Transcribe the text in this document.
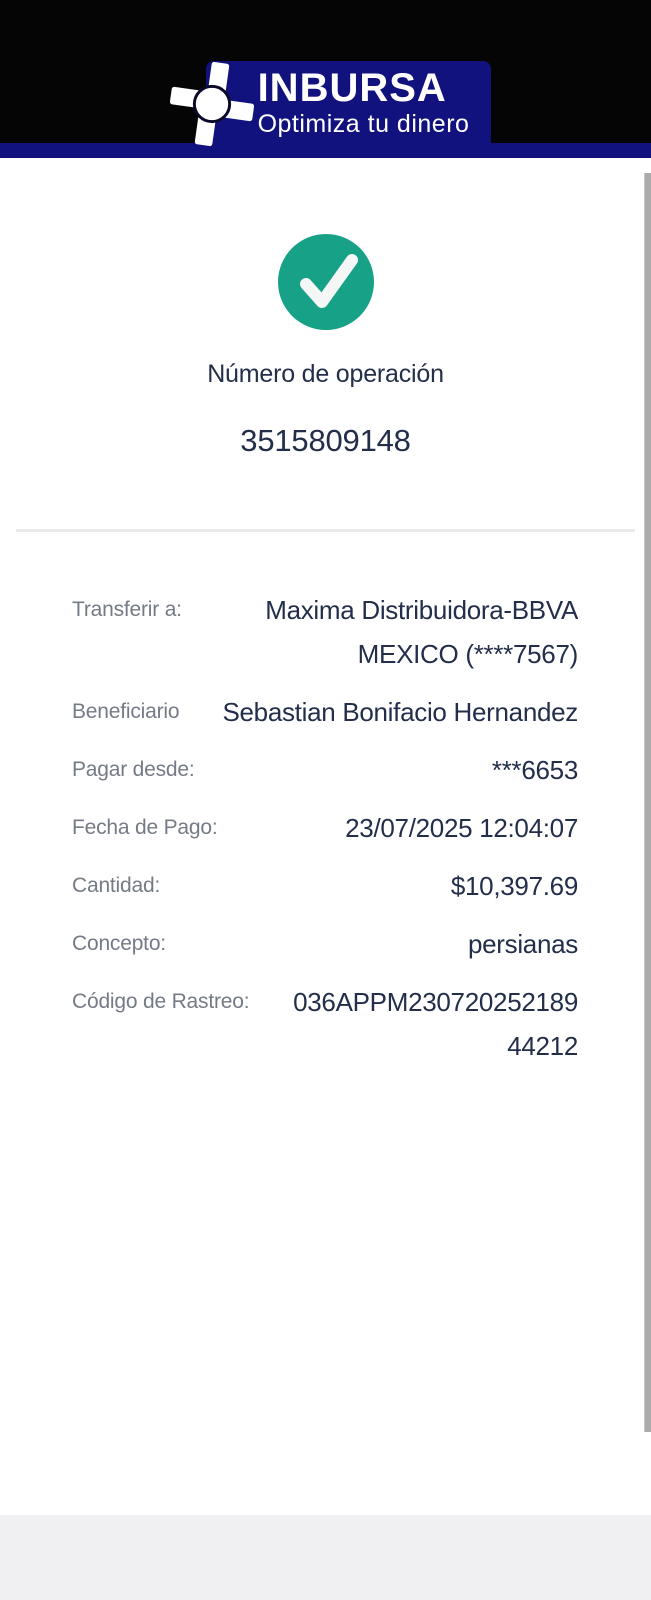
INBURSA
Optimiza tu dinero
Número de operación
3515809148
Transferir a:	Maxima Distribuidora-BBVA MEXICO (****7567)
Beneficiario	Sebastian Bonifacio Hernandez
Pagar desde:	***6653
Fecha de Pago:	23/07/2025 12:04:07
Cantidad:	$10,397.69
Concepto:	persianas
Código de Rastreo:	036APPM23072025218944212
